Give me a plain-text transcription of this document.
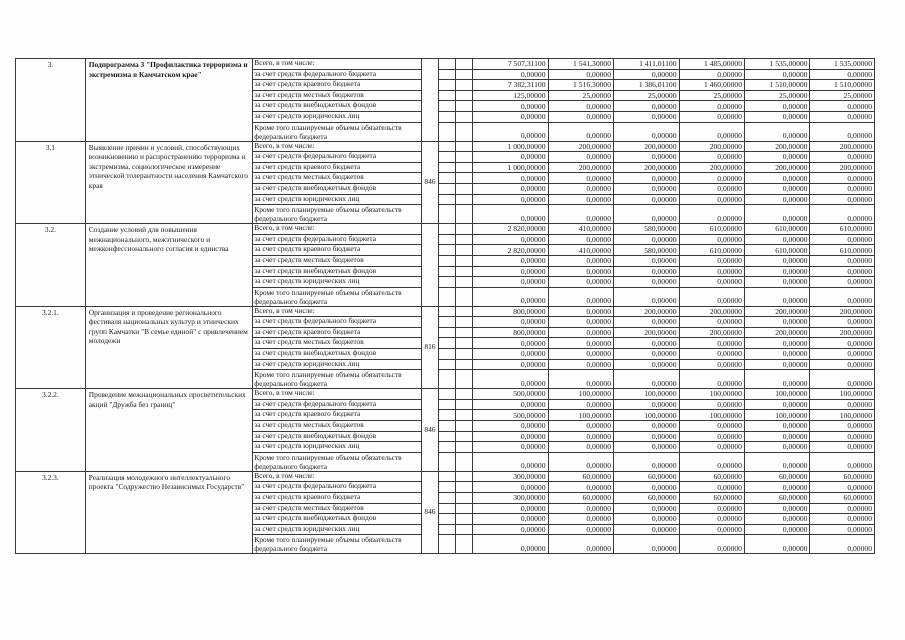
3.	Подпрограмма 3 "Профилактика терроризма и экстремизма в Камчатском крае"	Всего, в том числе:				7 507,31100	1 541,30000	1 411,01100	1 485,00000	1 535,00000	1 535,00000
		за счет средств федерального бюджета				0,00000	0,00000	0,00000	0,00000	0,00000	0,00000
		за счет средств краевого бюджета				7 382,31100	1 516,30000	1 386,01100	1 460,00000	1 510,00000	1 510,00000
		за счет средств местных бюджетов				125,00000	25,00000	25,00000	25,00000	25,00000	25,00000
		за счет средств внебюджетных фондов				0,00000	0,00000	0,00000	0,00000	0,00000	0,00000
		за счет средств юридических лиц				0,00000	0,00000	0,00000	0,00000	0,00000	0,00000
		Кроме того планируемые объемы обязательств федерального бюджета				0,00000	0,00000	0,00000	0,00000	0,00000	0,00000
3.1	Выявление причин и условий, способствующих возникновению и распространению терроризма и экстремизма, социологическое измерение этнической толерантности населения Камчатского края	Всего, в том числе:	846			1 000,00000	200,00000	200,00000	200,00000	200,00000	200,00000
		за счет средств федерального бюджета				0,00000	0,00000	0,00000	0,00000	0,00000	0,00000
		за счет средств краевого бюджета				1 000,00000	200,00000	200,00000	200,00000	200,00000	200,00000
		за счет средств местных бюджетов				0,00000	0,00000	0,00000	0,00000	0,00000	0,00000
		за счет средств внебюджетных фондов				0,00000	0,00000	0,00000	0,00000	0,00000	0,00000
		за счет средств юридических лиц				0,00000	0,00000	0,00000	0,00000	0,00000	0,00000
		Кроме того планируемые объемы обязательств федерального бюджета				0,00000	0,00000	0,00000	0,00000	0,00000	0,00000
3.2.	Создание условий для повышения межнационального, межэтнического и межконфессионального согласия и единства	Всего, в том числе:				2 820,00000	410,00000	580,00000	610,00000	610,00000	610,00000
		за счет средств федерального бюджета				0,00000	0,00000	0,00000	0,00000	0,00000	0,00000
		за счет средств краевого бюджета				2 820,00000	410,00000	580,00000	610,00000	610,00000	610,00000
		за счет средств местных бюджетов				0,00000	0,00000	0,00000	0,00000	0,00000	0,00000
		за счет средств внебюджетных фондов				0,00000	0,00000	0,00000	0,00000	0,00000	0,00000
		за счет средств юридических лиц				0,00000	0,00000	0,00000	0,00000	0,00000	0,00000
		Кроме того планируемые объемы обязательств федерального бюджета				0,00000	0,00000	0,00000	0,00000	0,00000	0,00000
3.2.1.	Организация и проведение регионального фестиваля национальных культур и этнических групп Камчатки "В семье единой" с привлечением молодежи	Всего, в том числе:	816			800,00000	0,00000	200,00000	200,00000	200,00000	200,00000
		за счет средств федерального бюджета				0,00000	0,00000	0,00000	0,00000	0,00000	0,00000
		за счет средств краевого бюджета				800,00000	0,00000	200,00000	200,00000	200,00000	200,00000
		за счет средств местных бюджетов				0,00000	0,00000	0,00000	0,00000	0,00000	0,00000
		за счет средств внебюджетных фондов				0,00000	0,00000	0,00000	0,00000	0,00000	0,00000
		за счет средств юридических лиц				0,00000	0,00000	0,00000	0,00000	0,00000	0,00000
		Кроме того планируемые объемы обязательств федерального бюджета				0,00000	0,00000	0,00000	0,00000	0,00000	0,00000
3.2.2.	Проведение межнациональных просветительских акций "Дружба без границ"	Всего, в том числе:	846			500,00000	100,00000	100,00000	100,00000	100,00000	100,00000
		за счет средств федерального бюджета				0,00000	0,00000	0,00000	0,00000	0,00000	0,00000
		за счет средств краевого бюджета				500,00000	100,00000	100,00000	100,00000	100,00000	100,00000
		за счет средств местных бюджетов				0,00000	0,00000	0,00000	0,00000	0,00000	0,00000
		за счет средств внебюджетных фондов				0,00000	0,00000	0,00000	0,00000	0,00000	0,00000
		за счет средств юридических лиц				0,00000	0,00000	0,00000	0,00000	0,00000	0,00000
		Кроме того планируемые объемы обязательств федерального бюджета				0,00000	0,00000	0,00000	0,00000	0,00000	0,00000
3.2.3.	Реализация молодежного интеллектуального проекта "Содружество Независимых Государств"	Всего, в том числе:	846			300,00000	60,00000	60,00000	60,00000	60,00000	60,00000
		за счет средств федерального бюджета				0,00000	0,00000	0,00000	0,00000	0,00000	0,00000
		за счет средств краевого бюджета				300,00000	60,00000	60,00000	60,00000	60,00000	60,00000
		за счет средств местных бюджетов				0,00000	0,00000	0,00000	0,00000	0,00000	0,00000
		за счет средств внебюджетных фондов				0,00000	0,00000	0,00000	0,00000	0,00000	0,00000
		за счет средств юридических лиц				0,00000	0,00000	0,00000	0,00000	0,00000	0,00000
		Кроме того планируемые объемы обязательств федерального бюджета				0,00000	0,00000	0,00000	0,00000	0,00000	0,00000
